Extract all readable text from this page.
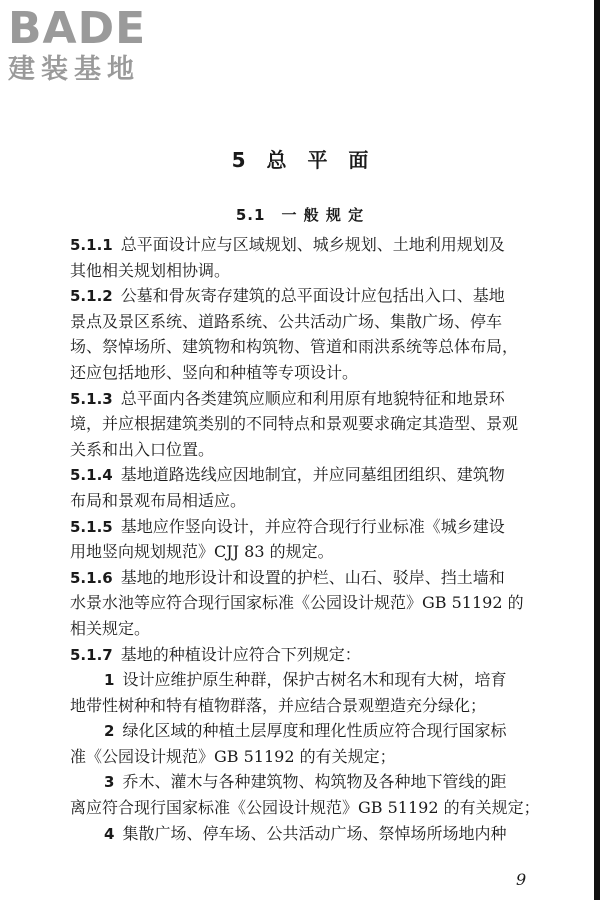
BADE
建装基地
5 总 平 面
5.1　一 般 规 定
5.1.1 总平面设计应与区域规划、城乡规划、土地利用规划及
其他相关规划相协调。
5.1.2 公墓和骨灰寄存建筑的总平面设计应包括出入口、基地
景点及景区系统、道路系统、公共活动广场、集散广场、停车
场、祭悼场所、建筑物和构筑物、管道和雨洪系统等总体布局，
还应包括地形、竖向和种植等专项设计。
5.1.3 总平面内各类建筑应顺应和利用原有地貌特征和地景环
境，并应根据建筑类别的不同特点和景观要求确定其造型、景观
关系和出入口位置。
5.1.4 基地道路选线应因地制宜，并应同墓组团组织、建筑物
布局和景观布局相适应。
5.1.5 基地应作竖向设计，并应符合现行行业标准《城乡建设
用地竖向规划规范》CJJ 83 的规定。
5.1.6 基地的地形设计和设置的护栏、山石、驳岸、挡土墙和
水景水池等应符合现行国家标准《公园设计规范》GB 51192 的
相关规定。
5.1.7 基地的种植设计应符合下列规定：
1 设计应维护原生种群，保护古树名木和现有大树，培育
地带性树种和特有植物群落，并应结合景观塑造充分绿化；
2 绿化区域的种植土层厚度和理化性质应符合现行国家标
准《公园设计规范》GB 51192 的有关规定；
3 乔木、灌木与各种建筑物、构筑物及各种地下管线的距
离应符合现行国家标准《公园设计规范》GB 51192 的有关规定；
4 集散广场、停车场、公共活动广场、祭悼场所场地内种
9
